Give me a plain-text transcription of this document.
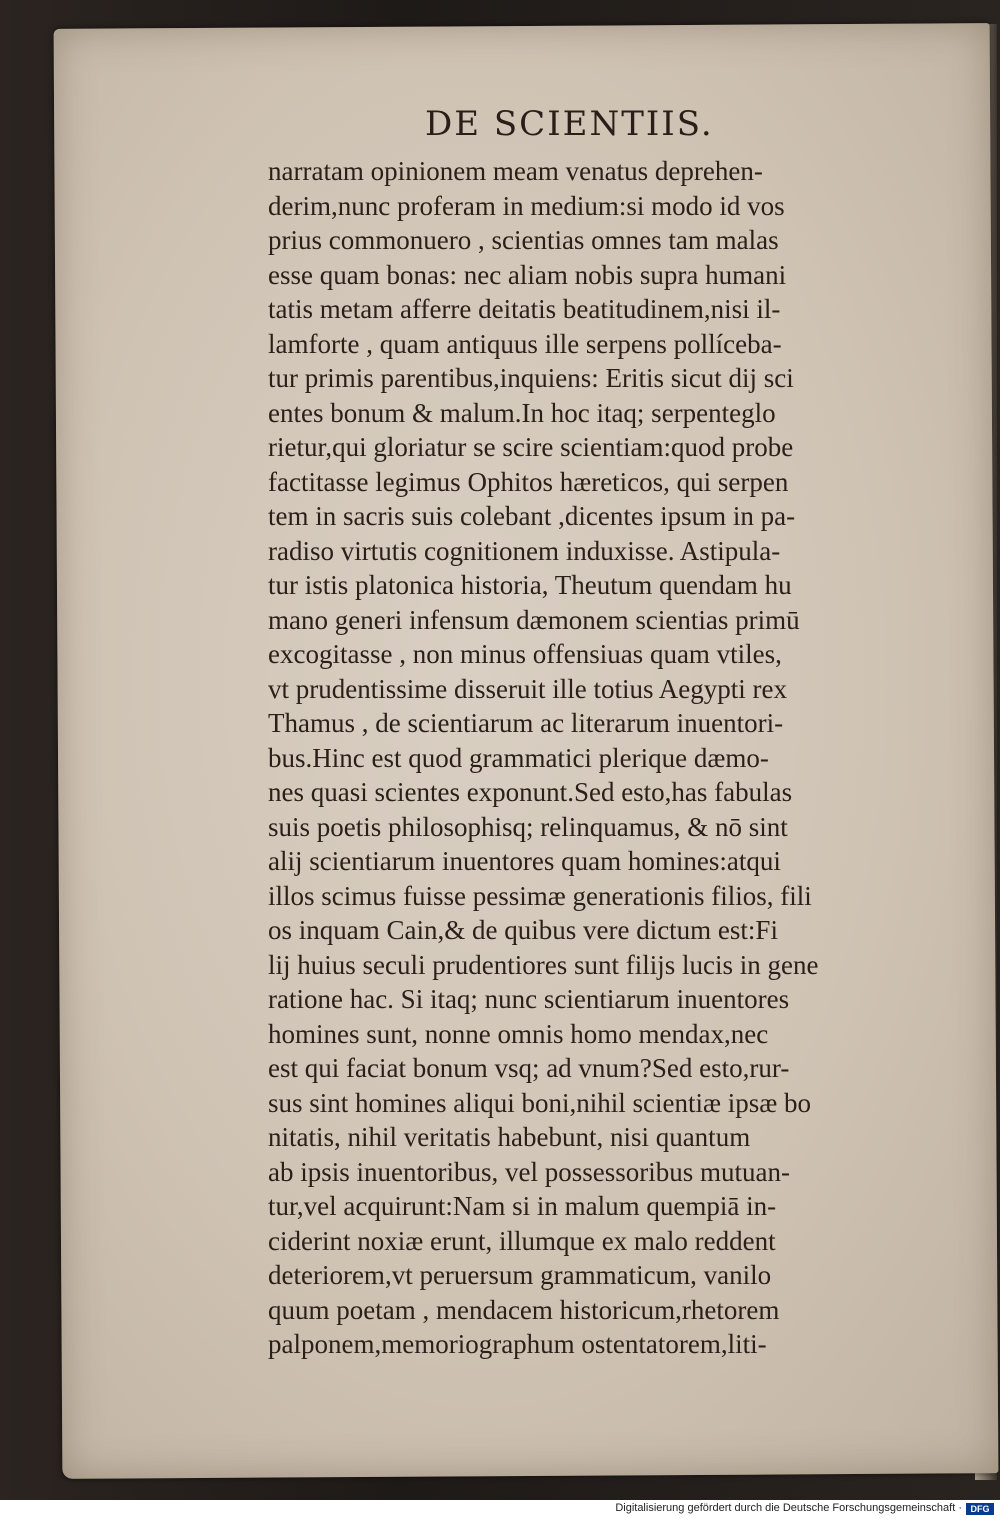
DE SCIENTIIS.
narratam opinionem meam venatus deprehen-
derim,nunc proferam in medium:si modo id vos
prius commonuero , scientias omnes tam malas
esse quam bonas: nec aliam nobis supra humani
tatis metam afferre deitatis beatitudinem,nisi il-
lamforte , quam antiquus ille serpens pollíceba-
tur primis parentibus,inquiens: Eritis sicut dij sci
entes bonum & malum.In hoc itaq; serpenteglo
rietur,qui gloriatur se scire scientiam:quod probe
factitasse legimus Ophitos hæreticos, qui serpen
tem in sacris suis colebant ,dicentes ipsum in pa-
radiso virtutis cognitionem induxisse. Astipula-
tur istis platonica historia, Theutum quendam hu
mano generi infensum dæmonem scientias primū
excogitasse , non minus offensiuas quam vtiles,
vt prudentissime disseruit ille totius Aegypti rex
Thamus , de scientiarum ac literarum inuentori-
bus.Hinc est quod grammatici plerique dæmo-
nes quasi scientes exponunt.Sed esto,has fabulas
suis poetis philosophisq; relinquamus, & nō sint
alij scientiarum inuentores quam homines:atqui
illos scimus fuisse pessimæ generationis filios, fili
os inquam Cain,& de quibus vere dictum est:Fi
lij huius seculi prudentiores sunt filijs lucis in gene
ratione hac. Si itaq; nunc scientiarum inuentores
homines sunt, nonne omnis homo mendax,nec
est qui faciat bonum vsq; ad vnum?Sed esto,rur-
sus sint homines aliqui boni,nihil scientiæ ipsæ bo
nitatis, nihil veritatis habebunt, nisi quantum
ab ipsis inuentoribus, vel possessoribus mutuan-
tur,vel acquirunt:Nam si in malum quempiā in-
ciderint noxiæ erunt, illumque ex malo reddent
deteriorem,vt peruersum grammaticum, vanilo
quum poetam , mendacem historicum,rhetorem
palponem,memoriographum ostentatorem,liti-
Digitalisierung gefördert durch die Deutsche Forschungsgemeinschaft · DFG
